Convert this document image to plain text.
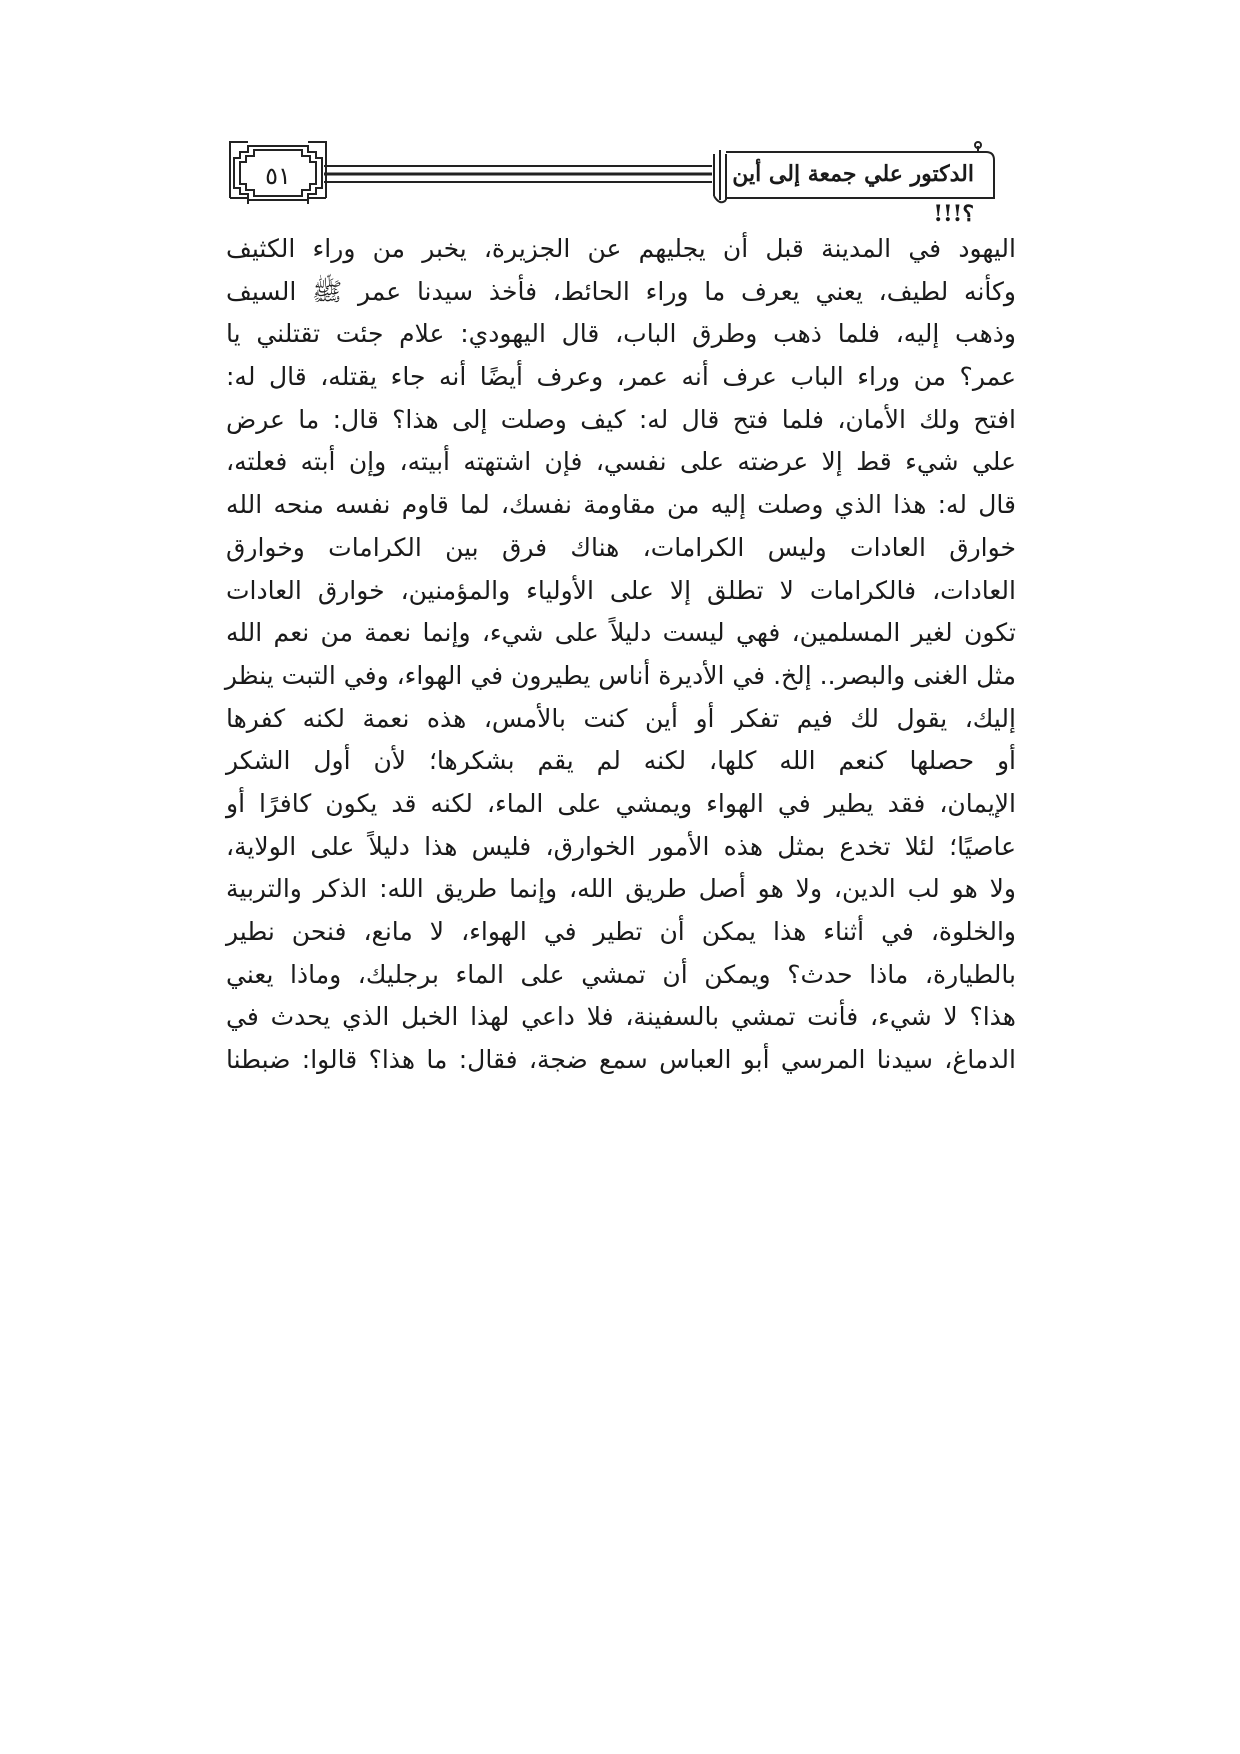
٥١	الدكتور علي جمعة إلى أين ؟!!!
اليهود في المدينة قبل أن يجليهم عن الجزيرة، يخبر من وراء الكثيف
وكأنه لطيف، يعني يعرف ما وراء الحائط، فأخذ سيدنا عمر ﷺ السيف
وذهب إليه، فلما ذهب وطرق الباب، قال اليهودي: علام جئت تقتلني يا
عمر؟ من وراء الباب عرف أنه عمر، وعرف أيضًا أنه جاء يقتله، قال له:
افتح ولك الأمان، فلما فتح قال له: كيف وصلت إلى هذا؟ قال: ما عرض
علي شيء قط إلا عرضته على نفسي، فإن اشتهته أبيته، وإن أبته فعلته،
قال له: هذا الذي وصلت إليه من مقاومة نفسك، لما قاوم نفسه منحه الله
خوارق العادات وليس الكرامات، هناك فرق بين الكرامات وخوارق
العادات، فالكرامات لا تطلق إلا على الأولياء والمؤمنين، خوارق العادات
تكون لغير المسلمين، فهي ليست دليلاً على شيء، وإنما نعمة من نعم الله
مثل الغنى والبصر.. إلخ. في الأديرة أناس يطيرون في الهواء، وفي التبت ينظر
إليك، يقول لك فيم تفكر أو أين كنت بالأمس، هذه نعمة لكنه كفرها
أو حصلها كنعم الله كلها، لكنه لم يقم بشكرها؛ لأن أول الشكر
الإيمان، فقد يطير في الهواء ويمشي على الماء، لكنه قد يكون كافرًا أو
عاصيًا؛ لئلا تخدع بمثل هذه الأمور الخوارق، فليس هذا دليلاً على الولاية،
ولا هو لب الدين، ولا هو أصل طريق الله، وإنما طريق الله: الذكر والتربية
والخلوة، في أثناء هذا يمكن أن تطير في الهواء، لا مانع، فنحن نطير
بالطيارة، ماذا حدث؟ ويمكن أن تمشي على الماء برجليك، وماذا يعني
هذا؟ لا شيء، فأنت تمشي بالسفينة، فلا داعي لهذا الخبل الذي يحدث في
الدماغ، سيدنا المرسي أبو العباس سمع ضجة، فقال: ما هذا؟ قالوا: ضبطنا
